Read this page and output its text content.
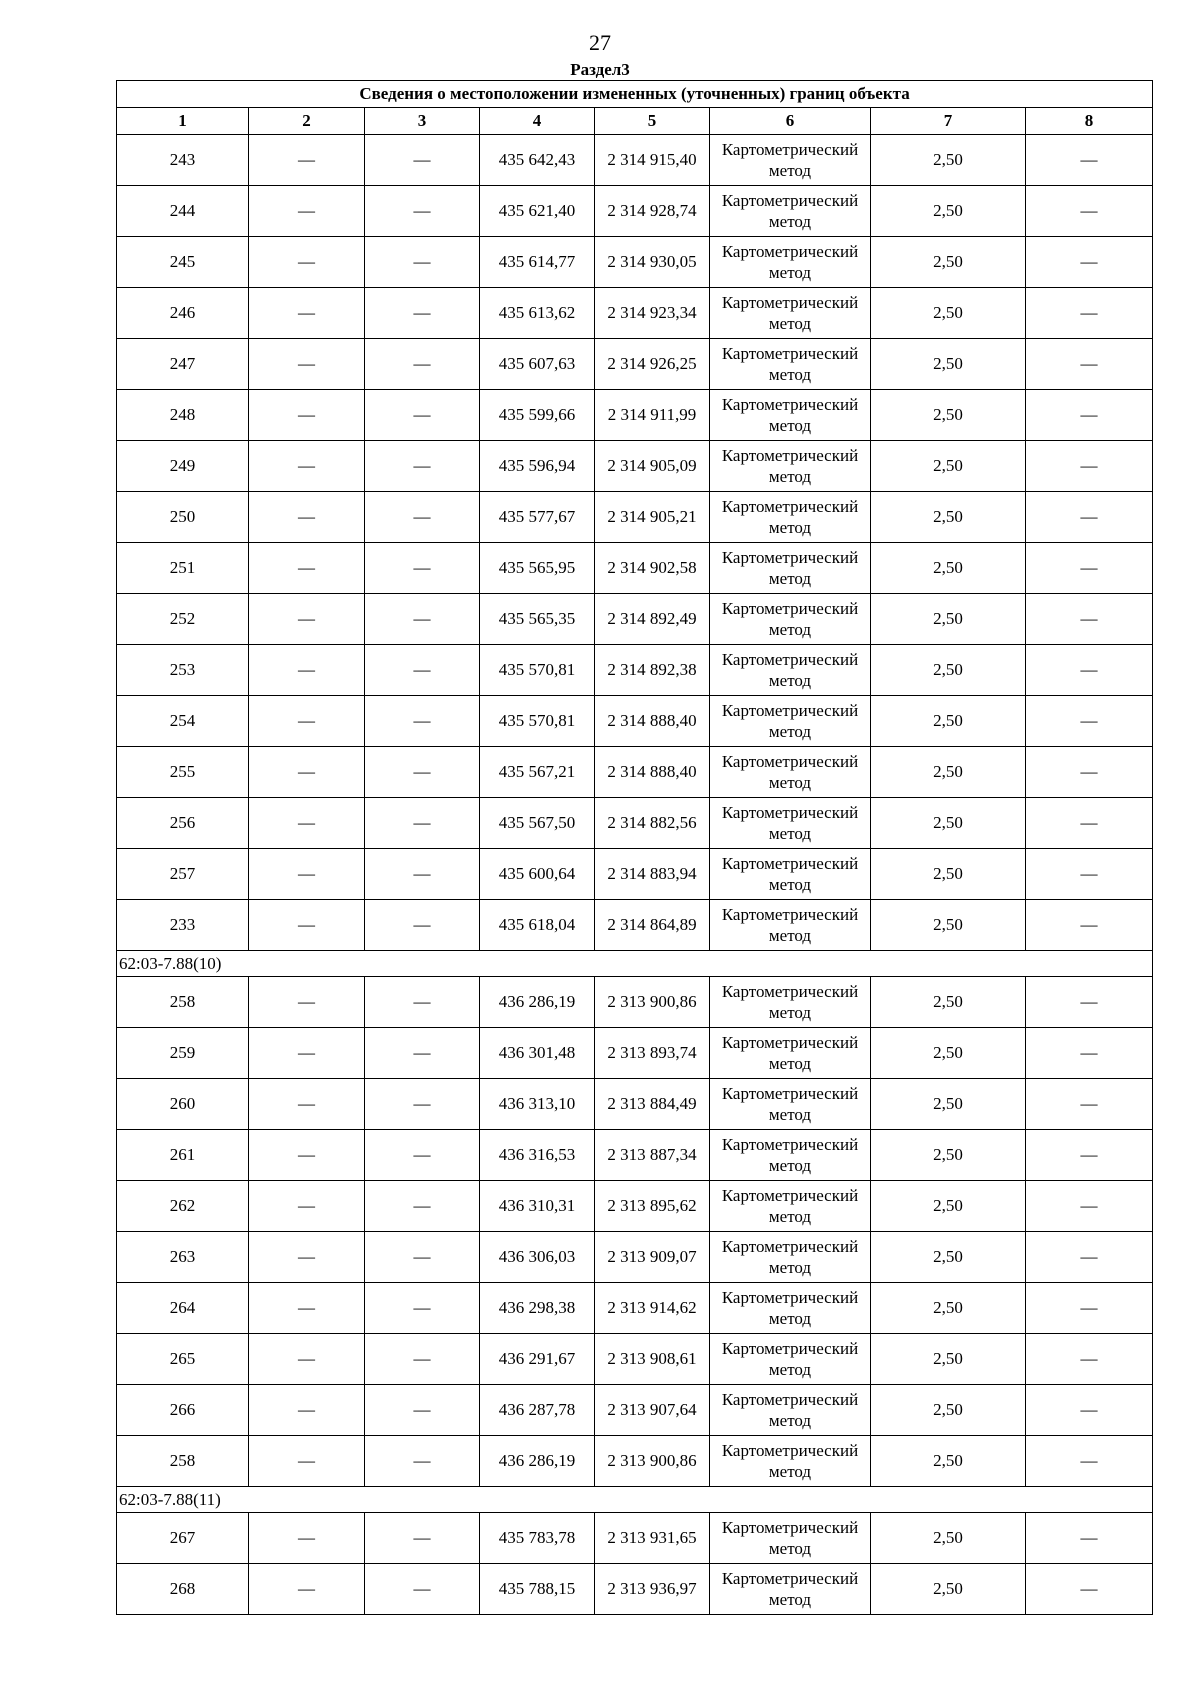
27
Раздел3
Сведения о местоположении измененных (уточненных) границ объекта							
1	2	3	4	5	6	7	8
243	—	—	435 642,43	2 314 915,40	Картометрический метод	2,50	—
244	—	—	435 621,40	2 314 928,74	Картометрический метод	2,50	—
245	—	—	435 614,77	2 314 930,05	Картометрический метод	2,50	—
246	—	—	435 613,62	2 314 923,34	Картометрический метод	2,50	—
247	—	—	435 607,63	2 314 926,25	Картометрический метод	2,50	—
248	—	—	435 599,66	2 314 911,99	Картометрический метод	2,50	—
249	—	—	435 596,94	2 314 905,09	Картометрический метод	2,50	—
250	—	—	435 577,67	2 314 905,21	Картометрический метод	2,50	—
251	—	—	435 565,95	2 314 902,58	Картометрический метод	2,50	—
252	—	—	435 565,35	2 314 892,49	Картометрический метод	2,50	—
253	—	—	435 570,81	2 314 892,38	Картометрический метод	2,50	—
254	—	—	435 570,81	2 314 888,40	Картометрический метод	2,50	—
255	—	—	435 567,21	2 314 888,40	Картометрический метод	2,50	—
256	—	—	435 567,50	2 314 882,56	Картометрический метод	2,50	—
257	—	—	435 600,64	2 314 883,94	Картометрический метод	2,50	—
233	—	—	435 618,04	2 314 864,89	Картометрический метод	2,50	—
62:03-7.88(10)							
258	—	—	436 286,19	2 313 900,86	Картометрический метод	2,50	—
259	—	—	436 301,48	2 313 893,74	Картометрический метод	2,50	—
260	—	—	436 313,10	2 313 884,49	Картометрический метод	2,50	—
261	—	—	436 316,53	2 313 887,34	Картометрический метод	2,50	—
262	—	—	436 310,31	2 313 895,62	Картометрический метод	2,50	—
263	—	—	436 306,03	2 313 909,07	Картометрический метод	2,50	—
264	—	—	436 298,38	2 313 914,62	Картометрический метод	2,50	—
265	—	—	436 291,67	2 313 908,61	Картометрический метод	2,50	—
266	—	—	436 287,78	2 313 907,64	Картометрический метод	2,50	—
258	—	—	436 286,19	2 313 900,86	Картометрический метод	2,50	—
62:03-7.88(11)							
267	—	—	435 783,78	2 313 931,65	Картометрический метод	2,50	—
268	—	—	435 788,15	2 313 936,97	Картометрический метод	2,50	—
